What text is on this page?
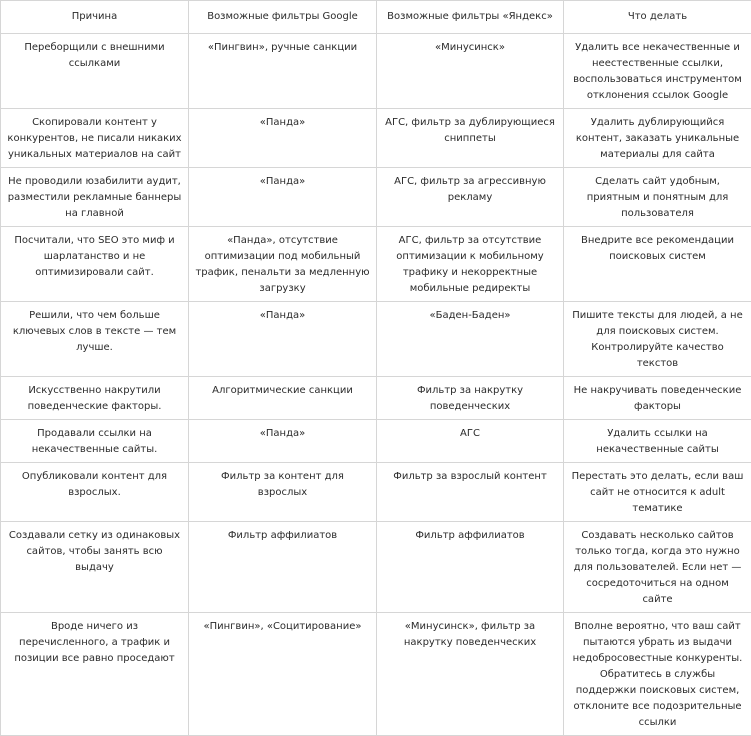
Причина	Возможные фильтры Google	Возможные фильтры «Яндекс»	Что делать
Переборщили с внешними ссылками	«Пингвин», ручные санкции	«Минусинск»	Удалить все некачественные и неестественные ссылки, воспользоваться инструментом отклонения ссылок Google
Скопировали контент у конкурентов, не писали никаких уникальных материалов на сайт	«Панда»	АГС, фильтр за дублирующиеся сниппеты	Удалить дублирующийся контент, заказать уникальные материалы для сайта
Не проводили юзабилити аудит, разместили рекламные баннеры на главной	«Панда»	АГС, фильтр за агрессивную рекламу	Сделать сайт удобным, приятным и понятным для пользователя
Посчитали, что SEO это миф и шарлатанство и не оптимизировали сайт.	«Панда», отсутствие оптимизации под мобильный трафик, пенальти за медленную загрузку	АГС, фильтр за отсутствие оптимизации к мобильному трафику и некорректные мобильные редиректы	Внедрите все рекомендации поисковых систем
Решили, что чем больше ключевых слов в тексте — тем лучше.	«Панда»	«Баден-Баден»	Пишите тексты для людей, а не для поисковых систем. Контролируйте качество текстов
Искусственно накрутили поведенческие факторы.	Алгоритмические санкции	Фильтр за накрутку поведенческих	Не накручивать поведенческие факторы
Продавали ссылки на некачественные сайты.	«Панда»	АГС	Удалить ссылки на некачественные сайты
Опубликовали контент для взрослых.	Фильтр за контент для взрослых	Фильтр за взрослый контент	Перестать это делать, если ваш сайт не относится к adult тематике
Создавали сетку из одинаковых сайтов, чтобы занять всю выдачу	Фильтр аффилиатов	Фильтр аффилиатов	Создавать несколько сайтов только тогда, когда это нужно для пользователей. Если нет — сосредоточиться на одном сайте
Вроде ничего из перечисленного, а трафик и позиции все равно проседают	«Пингвин», «Социтирование»	«Минусинск», фильтр за накрутку поведенческих	Вполне вероятно, что ваш сайт пытаются убрать из выдачи недобросовестные конкуренты. Обратитесь в службы поддержки поисковых систем, отклоните все подозрительные ссылки
